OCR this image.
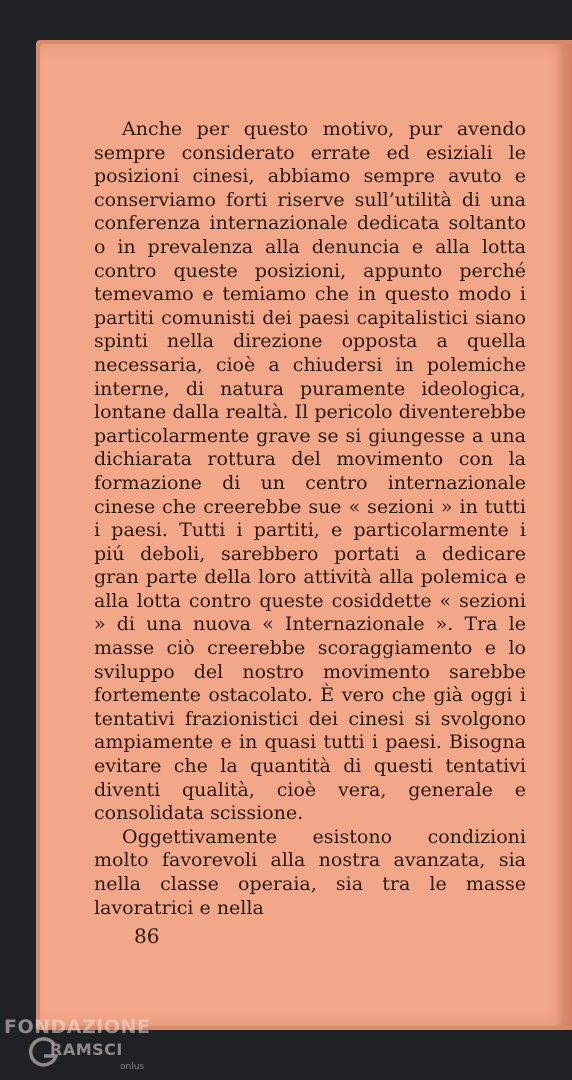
Anche per questo motivo, pur avendo sempre considerato errate ed esiziali le posizioni cinesi, abbiamo sempre avuto e conserviamo forti riserve sull’utilità di una conferenza internazionale dedicata soltanto o in prevalenza alla denuncia e alla lotta contro queste posizioni, appunto perché temevamo e temiamo che in questo modo i partiti comunisti dei paesi capitalistici siano spinti nella direzione opposta a quella necessaria, cioè a chiudersi in polemiche interne, di natura puramente ideologica, lontane dalla realtà. Il pericolo diventerebbe particolarmente grave se si giungesse a una dichiarata rottura del movimento con la formazione di un centro internazionale cinese che creerebbe sue « sezioni » in tutti i paesi. Tutti i partiti, e particolarmente i piú deboli, sarebbero portati a dedicare gran parte della loro attività alla polemica e alla lotta contro queste cosiddette « sezioni » di una nuova « Internazionale ». Tra le masse ciò creerebbe scoraggiamento e lo sviluppo del nostro movimento sarebbe fortemente ostacolato. È vero che già oggi i tentativi frazionistici dei cinesi si svolgono ampiamente e in quasi tutti i paesi. Bisogna evitare che la quantità di questi tentativi diventi qualità, cioè vera, generale e consolidata scissione.

Oggettivamente esistono condizioni molto favorevoli alla nostra avanzata, sia nella classe operaia, sia tra le masse lavoratrici e nella

86
FONDAZIONE
RAMSCI
onlus
